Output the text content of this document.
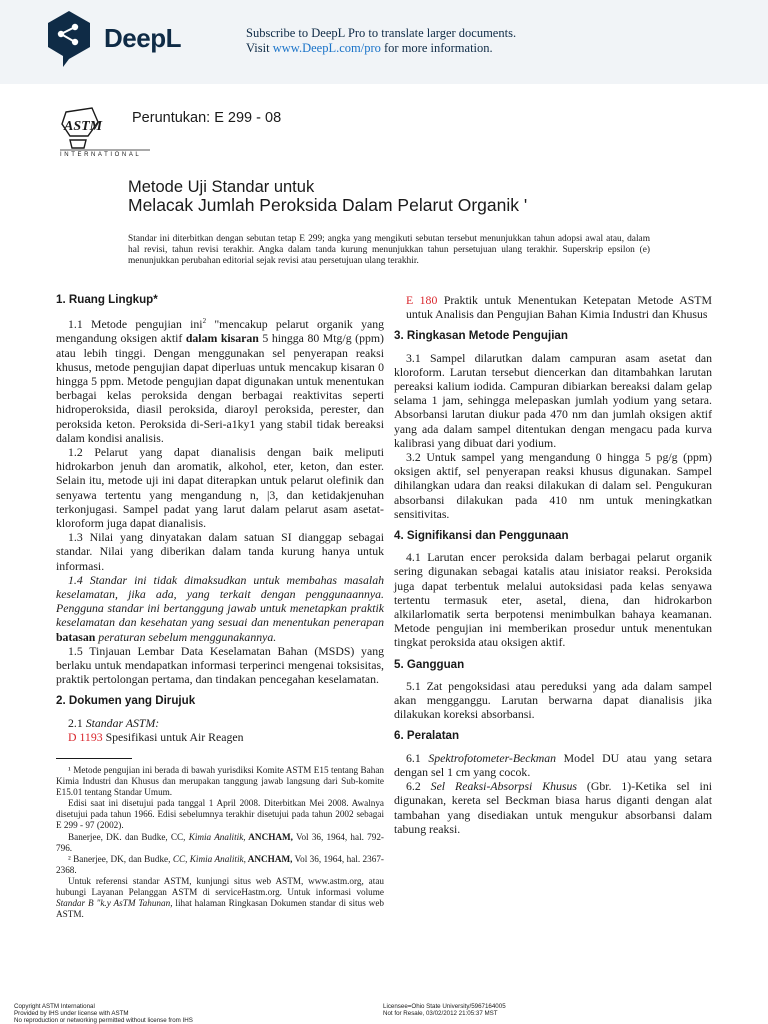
DeepL	Subscribe to DeepL Pro to translate larger documents.
Visit www.DeepL.com/pro for more information.
ASTM
INTERNATIONAL
Peruntukan: E 299 - 08
Metode Uji Standar untuk
Melacak Jumlah Peroksida Dalam Pelarut Organik '
Standar ini diterbitkan dengan sebutan tetap E 299; angka yang mengikuti sebutan tersebut menunjukkan tahun adopsi awal atau, dalam hal revisi, tahun revisi terakhir. Angka dalam tanda kurung menunjukkan tahun persetujuan ulang terakhir. Superskrip epsilon (e) menunjukkan perubahan editorial sejak revisi atau persetujuan ulang terakhir.

1. Ruang Lingkup*

1.1 Metode pengujian ini$^2$ "mencakup pelarut organik yang mengandung oksigen aktif dalam kisaran 5 hingga 80 Mtg/g (ppm) atau lebih tinggi. Dengan menggunakan sel penyerapan reaksi khusus, metode pengujian dapat diperluas untuk mencakup kisaran 0 hingga 5 ppm. Metode pengujian dapat digunakan untuk menentukan berbagai kelas peroksida dengan berbagai reaktivitas seperti hidroperoksida, diasil peroksida, diaroyl peroksida, perester, dan peroksida keton. Peroksida di-Seri-a1ky1 yang stabil tidak bereaksi dalam kondisi analisis.

1.2 Pelarut yang dapat dianalisis dengan baik meliputi hidrokarbon jenuh dan aromatik, alkohol, eter, keton, dan ester. Selain itu, metode uji ini dapat diterapkan untuk pelarut olefinik dan senyawa tertentu yang mengandung n, |3, dan ketidakjenuhan terkonjugasi. Sampel padat yang larut dalam pelarut asam asetat-kloroform juga dapat dianalisis.

1.3 Nilai yang dinyatakan dalam satuan SI dianggap sebagai standar. Nilai yang diberikan dalam tanda kurung hanya untuk informasi.

1.4 Standar ini tidak dimaksudkan untuk membahas masalah keselamatan, jika ada, yang terkait dengan penggunaannya. Pengguna standar ini bertanggung jawab untuk menetapkan praktik keselamatan dan kesehatan yang sesuai dan menentukan penerapan batasan peraturan sebelum menggunakannya.

1.5 Tinjauan Lembar Data Keselamatan Bahan (MSDS) yang berlaku untuk mendapatkan informasi terperinci mengenai toksisitas, praktik pertolongan pertama, dan tindakan pencegahan keselamatan.

2. Dokumen yang Dirujuk

2.1 Standar ASTM:

D 1193 Spesifikasi untuk Air Reagen

¹ Metode pengujian ini berada di bawah yurisdiksi Komite ASTM E15 tentang Bahan Kimia Industri dan Khusus dan merupakan tanggung jawab langsung dari Sub-komite E15.01 tentang Standar Umum.

Edisi saat ini disetujui pada tanggal 1 April 2008. Diterbitkan Mei 2008. Awalnya disetujui pada tahun 1966. Edisi sebelumnya terakhir disetujui pada tahun 2002 sebagai E 299 - 97 (2002).

Banerjee, DK. dan Budke, CC, Kimia Analitik, ANCHAM, Vol 36, 1964, hal. 792-796.

² Banerjee, DK, dan Budke, CC, Kimia Analitik, ANCHAM, Vol 36, 1964, hal. 2367-2368.

Untuk referensi standar ASTM, kunjungi situs web ASTM, www.astm.org, atau hubungi Layanan Pelanggan ASTM di serviceHastm.org. Untuk informasi volume Standar B "k.y AsTM Tahunan, lihat halaman Ringkasan Dokumen standar di situs web ASTM.

E 180 Praktik untuk Menentukan Ketepatan Metode ASTM untuk Analisis dan Pengujian Bahan Kimia Industri dan Khusus

3. Ringkasan Metode Pengujian

3.1 Sampel dilarutkan dalam campuran asam asetat dan kloroform. Larutan tersebut diencerkan dan ditambahkan larutan pereaksi kalium iodida. Campuran dibiarkan bereaksi dalam gelap selama 1 jam, sehingga melepaskan jumlah yodium yang setara. Absorbansi larutan diukur pada 470 nm dan jumlah oksigen aktif yang ada dalam sampel ditentukan dengan mengacu pada kurva kalibrasi yang dibuat dari yodium.

3.2 Untuk sampel yang mengandung 0 hingga 5 pg/g (ppm) oksigen aktif, sel penyerapan reaksi khusus digunakan. Sampel dihilangkan udara dan reaksi dilakukan di dalam sel. Pengukuran absorbansi dilakukan pada 410 nm untuk meningkatkan sensitivitas.

4. Signifikansi dan Penggunaan

4.1 Larutan encer peroksida dalam berbagai pelarut organik sering digunakan sebagai katalis atau inisiator reaksi. Peroksida juga dapat terbentuk melalui autoksidasi pada kelas senyawa tertentu termasuk eter, asetal, diena, dan hidrokarbon alkilarlomatik serta berpotensi menimbulkan bahaya keamanan. Metode pengujian ini memberikan prosedur untuk menentukan tingkat peroksida atau oksigen aktif.

5. Gangguan

5.1 Zat pengoksidasi atau pereduksi yang ada dalam sampel akan mengganggu. Larutan berwarna dapat dianalisis jika dilakukan koreksi absorbansi.

6. Peralatan

6.1 Spektrofotometer-Beckman Model DU atau yang setara dengan sel 1 cm yang cocok.

6.2 Sel Reaksi-Absorpsi Khusus (Gbr. 1)-Ketika sel ini digunakan, kereta sel Beckman biasa harus diganti dengan alat tambahan yang disediakan untuk mengukur absorbansi dalam tabung reaksi.

Copyright ASTM International
Provided by IHS under license with ASTM
No reproduction or networking permitted without license from IHS
Licensee=Ohio State University/5967164005
Not for Resale, 03/02/2012 21:05:37 MST
